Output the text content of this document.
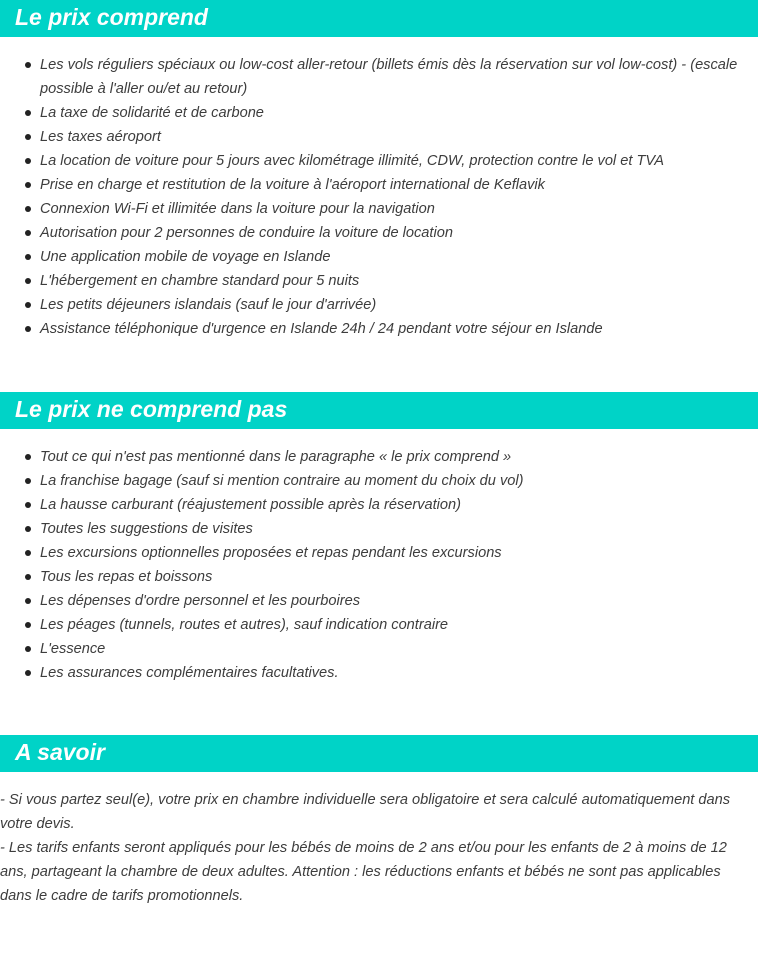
Le prix comprend
Les vols réguliers spéciaux ou low-cost aller-retour (billets émis dès la réservation sur vol low-cost) - (escale possible à l'aller ou/et au retour)
La taxe de solidarité et de carbone
Les taxes aéroport
La location de voiture pour 5 jours avec kilométrage illimité, CDW, protection contre le vol et TVA
Prise en charge et restitution de la voiture à l'aéroport international de Keflavik
Connexion Wi-Fi et illimitée dans la voiture pour la navigation
Autorisation pour 2 personnes de conduire la voiture de location
Une application mobile de voyage en Islande
L'hébergement en chambre standard pour 5 nuits
Les petits déjeuners islandais (sauf le jour d'arrivée)
Assistance téléphonique d'urgence en Islande 24h / 24 pendant votre séjour en Islande
Le prix ne comprend pas
Tout ce qui n'est pas mentionné dans le paragraphe « le prix comprend »
La franchise bagage (sauf si mention contraire au moment du choix du vol)
La hausse carburant (réajustement possible après la réservation)
Toutes les suggestions de visites
Les excursions optionnelles proposées et repas pendant les excursions
Tous les repas et boissons
Les dépenses d'ordre personnel et les pourboires
Les péages (tunnels, routes et autres), sauf indication contraire
L'essence
Les assurances complémentaires facultatives.
A savoir

- Si vous partez seul(e), votre prix en chambre individuelle sera obligatoire et sera calculé automatiquement dans votre devis.

- Les tarifs enfants seront appliqués pour les bébés de moins de 2 ans et/ou pour les enfants de 2 à moins de 12 ans, partageant la chambre de deux adultes. Attention : les réductions enfants et bébés ne sont pas applicables dans le cadre de tarifs promotionnels.
